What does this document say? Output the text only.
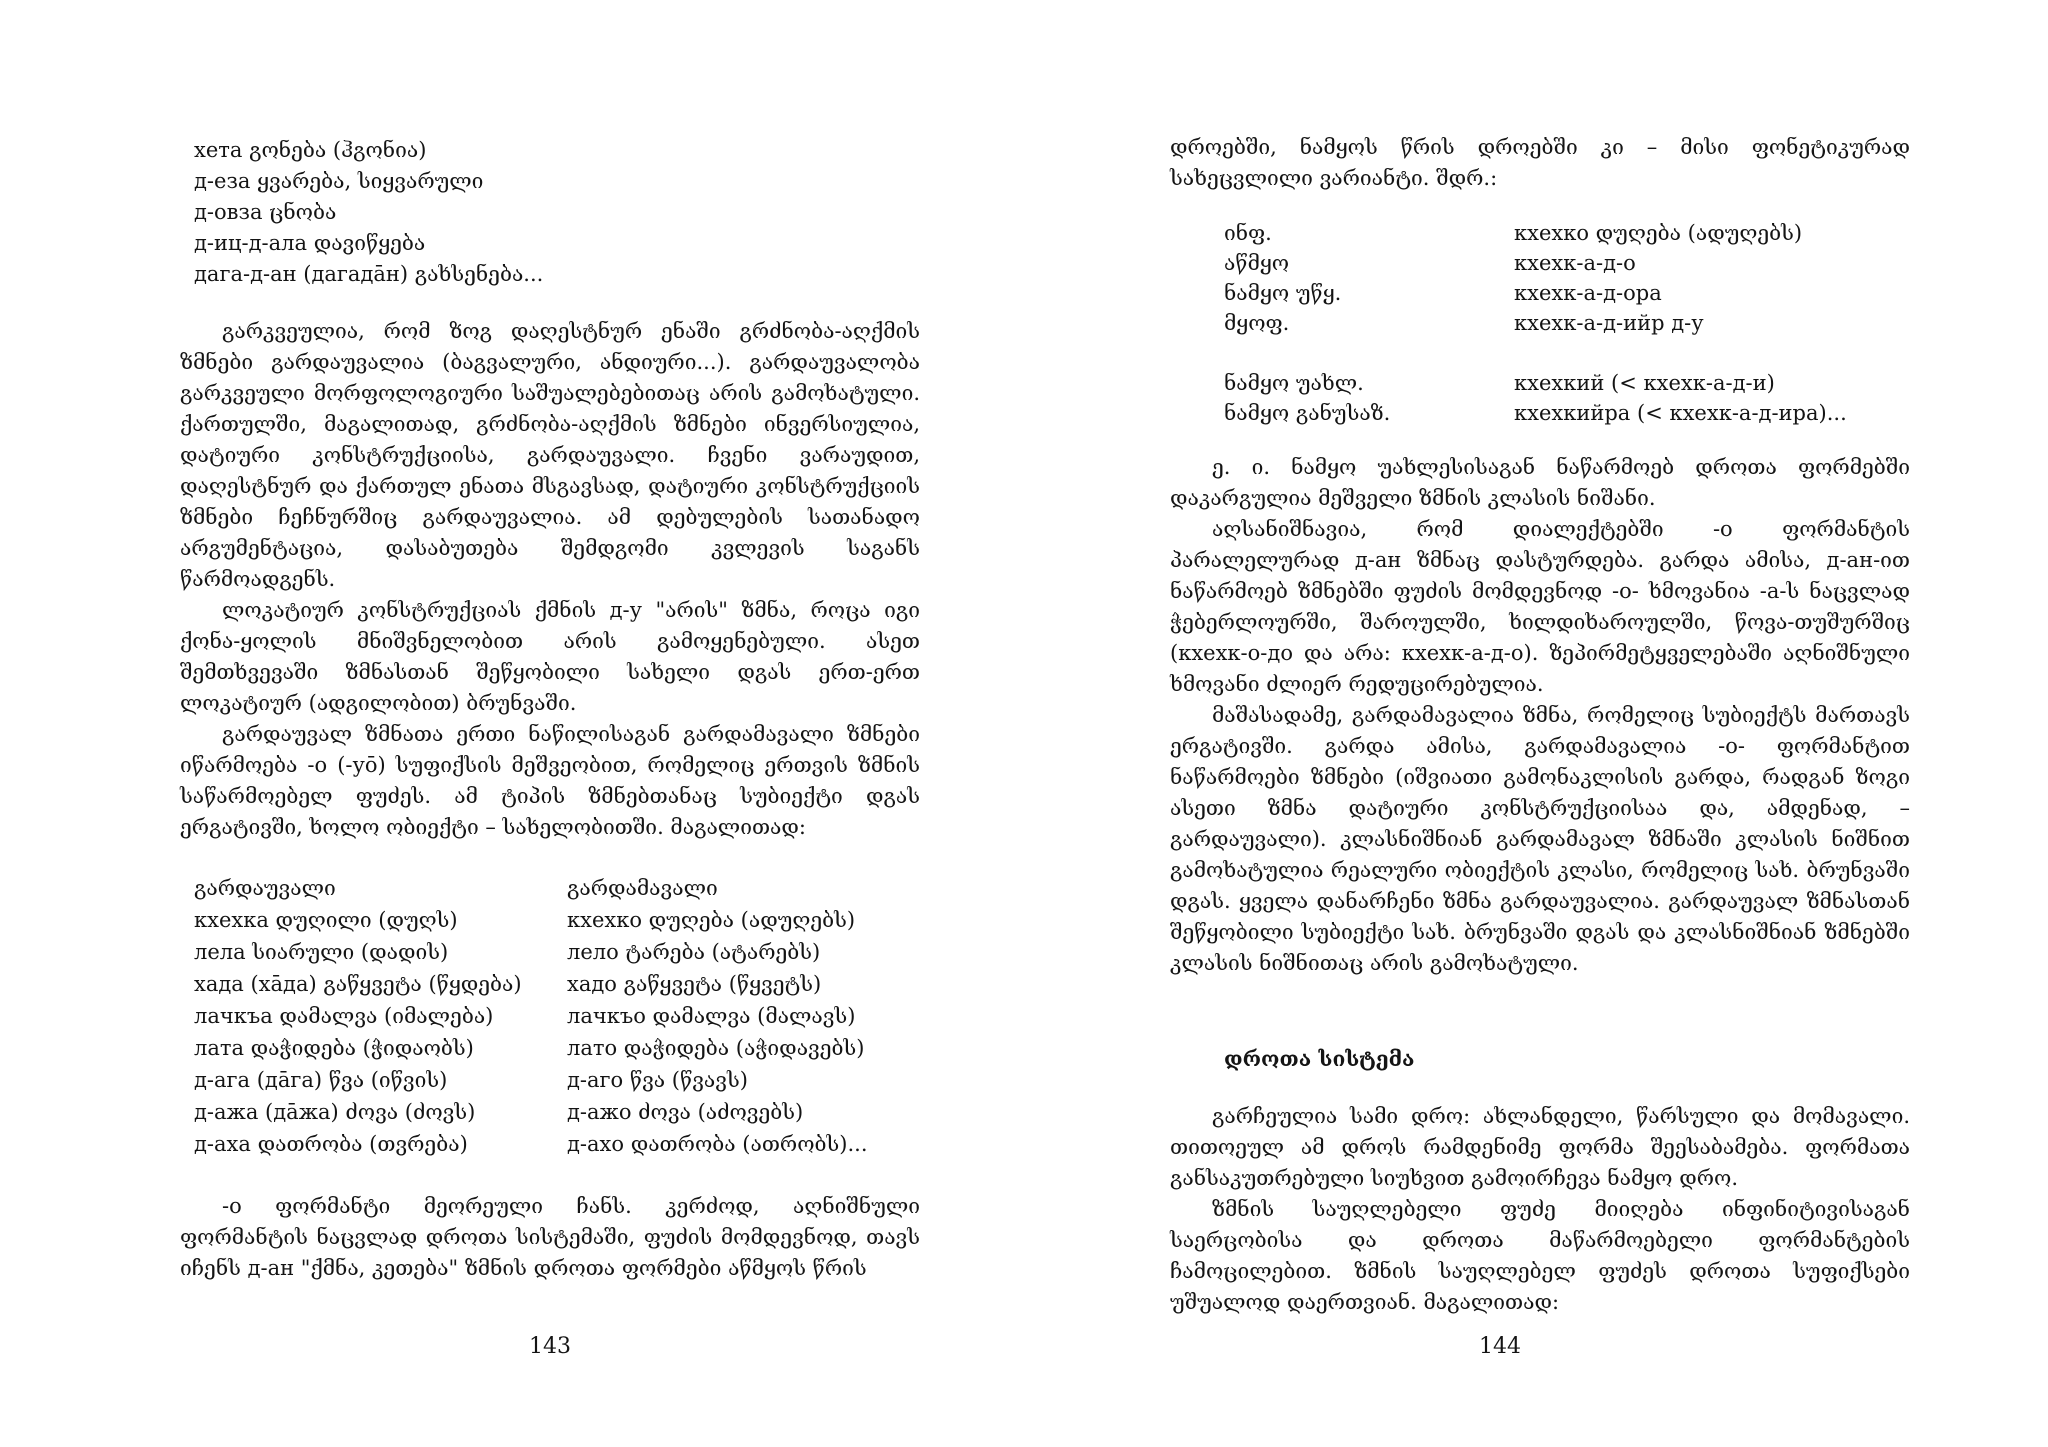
хета გონება (ჰგონია)
д-еза ყვარება, სიყვარული
д-овза ცნობა
д-иц-д-ала დავიწყება
дага-д-ан (дагадāн) გახსენება...

გარკვეულია, რომ ზოგ დაღესტნურ ენაში გრძნობა-აღქმის ზმნები გარდაუვალია (ბაგვალური, ანდიური...). გარდაუვალობა გარკვეული მორფოლოგიური საშუალებებითაც არის გამოხატული. ქართულში, მაგალითად, გრძნობა-აღქმის ზმნები ინვერსიულია, დატიური კონსტრუქციისა, გარდაუვალი. ჩვენი ვარაუდით, დაღესტნურ და ქართულ ენათა მსგავსად, დატიური კონსტრუქციის ზმნები ჩეჩნურშიც გარდაუვალია. ამ დებულების სათანადო არგუმენტაცია, დასაბუთება შემდგომი კვლევის საგანს წარმოადგენს.

ლოკატიურ კონსტრუქციას ქმნის д-у "არის" ზმნა, როცა იგი ქონა-ყოლის მნიშვნელობით არის გამოყენებული. ასეთ შემთხვევაში ზმნასთან შეწყობილი სახელი დგას ერთ-ერთ ლოკატიურ (ადგილობით) ბრუნვაში.

გარდაუვალ ზმნათა ერთი ნაწილისაგან გარდამავალი ზმნები იწარმოება -о (-уō) სუფიქსის მეშვეობით, რომელიც ერთვის ზმნის საწარმოებელ ფუძეს. ამ ტიპის ზმნებთანაც სუბიექტი დგას ერგატივში, ხოლო ობიექტი – სახელობითში. მაგალითად:

გარდაუვალი	გარდამავალი
кхехка დუღილი (დუღს)	кхехко დუღება (ადუღებს)
лела სიარული (დადის)	лело ტარება (ატარებს)
хада (хāда) გაწყვეტა (წყდება)	хадо გაწყვეტა (წყვეტს)
лачкъа დამალვა (იმალება)	лачкъо დამალვა (მალავს)
лата დაჭიდება (ჭიდაობს)	лато დაჭიდება (აჭიდავებს)
д-ага (дāга) წვა (იწვის)	д-аго წვა (წვავს)
д-ажа (дāжа) ძოვა (ძოვს)	д-ажо ძოვა (აძოვებს)
д-аха დათრობა (თვრება)	д-ахо დათრობა (ათრობს)...

-о ფორმანტი მეორეული ჩანს. კერძოდ, აღნიშნული ფორმანტის ნაცვლად დროთა სისტემაში, ფუძის მომდევნოდ, თავს იჩენს д-ан "ქმნა, კეთება" ზმნის დროთა ფორმები აწმყოს წრის

143

დროებში, ნამყოს წრის დროებში კი – მისი ფონეტიკურად სახეცვლილი ვარიანტი. შდრ.:

ინფ.	кхехко დუღება (ადუღებს)
აწმყო	кхехк-а-д-о
ნამყო უწყ.	кхехк-а-д-ора
მყოფ.	кхехк-а-д-ийр д-у
ნამყო უახლ.	кхехкий (< кхехк-а-д-и)
ნამყო განუსაზ.	кхехкийра (< кхехк-а-д-ира)...

ე. ი. ნამყო უახლესისაგან ნაწარმოებ დროთა ფორმებში დაკარგულია მეშველი ზმნის კლასის ნიშანი.

აღსანიშნავია, რომ დიალექტებში -о ფორმანტის პარალელურად д-ан ზმნაც დასტურდება. გარდა ამისა, д-ан-ით ნაწარმოებ ზმნებში ფუძის მომდევნოდ -о- ხმოვანია -а-ს ნაცვლად ჭებერლოურში, შაროულში, ხილდიხაროულში, წოვა-თუშურშიც (кхехк-о-до და არა: кхехк-а-д-о). ზეპირმეტყველებაში აღნიშნული ხმოვანი ძლიერ რედუცირებულია.

მაშასადამე, გარდამავალია ზმნა, რომელიც სუბიექტს მართავს ერგატივში. გარდა ამისა, გარდამავალია -о- ფორმანტით ნაწარმოები ზმნები (იშვიათი გამონაკლისის გარდა, რადგან ზოგი ასეთი ზმნა დატიური კონსტრუქციისაა და, ამდენად, – გარდაუვალი). კლასნიშნიან გარდამავალ ზმნაში კლასის ნიშნით გამოხატულია რეალური ობიექტის კლასი, რომელიც სახ. ბრუნვაში დგას. ყველა დანარჩენი ზმნა გარდაუვალია. გარდაუვალ ზმნასთან შეწყობილი სუბიექტი სახ. ბრუნვაში დგას და კლასნიშნიან ზმნებში კლასის ნიშნითაც არის გამოხატული.

დროთა სისტემა

გარჩეულია სამი დრო: ახლანდელი, წარსული და მომავალი. თითოეულ ამ დროს რამდენიმე ფორმა შეესაბამება. ფორმათა განსაკუთრებული სიუხვით გამოირჩევა ნამყო დრო.

ზმნის საუღლებელი ფუძე მიიღება ინფინიტივისაგან საერცობისა და დროთა მაწარმოებელი ფორმანტების ჩამოცილებით. ზმნის საუღლებელ ფუძეს დროთა სუფიქსები უშუალოდ დაერთვიან. მაგალითად:

144
